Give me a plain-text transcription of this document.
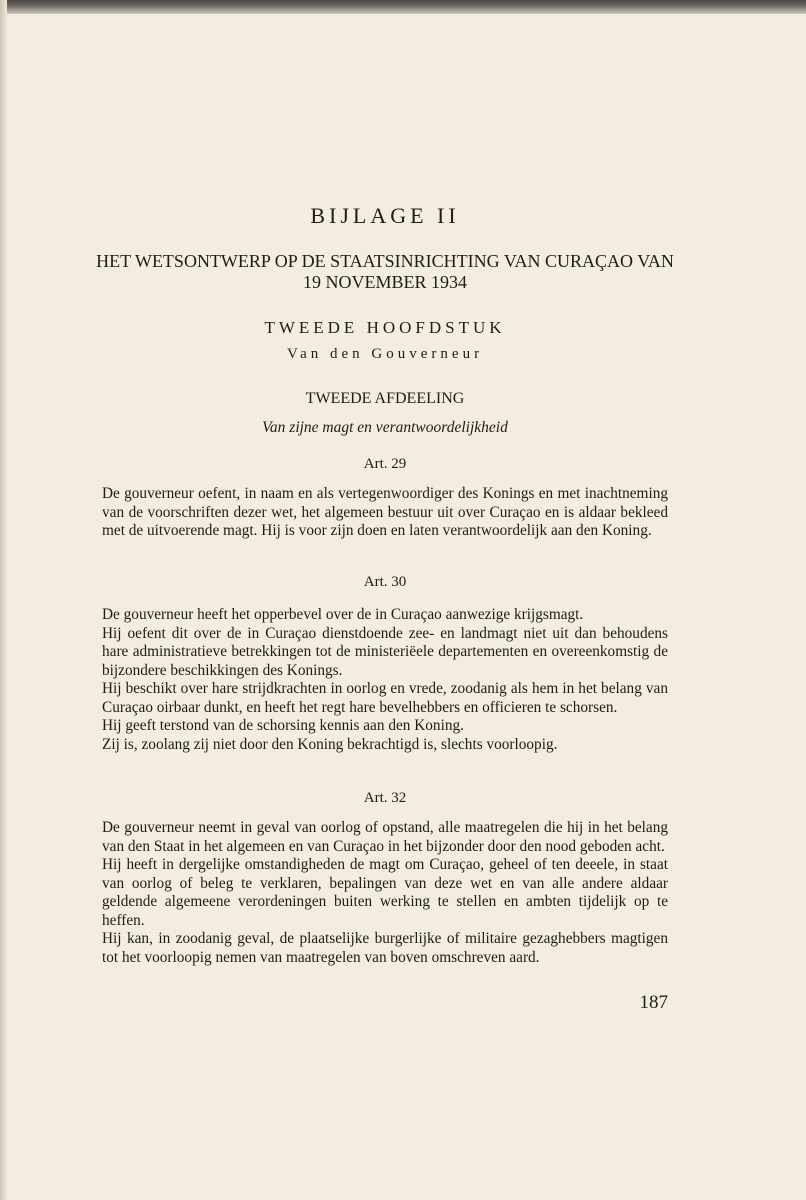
BIJLAGE II
HET WETSONTWERP OP DE STAATSINRICHTING VAN CURAÇAO VAN 19 NOVEMBER 1934
TWEEDE HOOFDSTUK
Van den Gouverneur
TWEEDE AFDEELING
Van zijne magt en verantwoordelijkheid
Art. 29

De gouverneur oefent, in naam en als vertegenwoordiger des Konings en met inachtneming van de voorschriften dezer wet, het algemeen bestuur uit over Curaçao en is aldaar bekleed met de uitvoerende magt. Hij is voor zijn doen en laten verantwoordelijk aan den Koning.

Art. 30

De gouverneur heeft het opperbevel over de in Curaçao aanwezige krijgsmagt.

Hij oefent dit over de in Curaçao dienstdoende zee- en landmagt niet uit dan behoudens hare administratieve betrekkingen tot de ministeriëele departementen en overeenkomstig de bijzondere beschikkingen des Konings.

Hij beschikt over hare strijdkrachten in oorlog en vrede, zoodanig als hem in het belang van Curaçao oirbaar dunkt, en heeft het regt hare bevelhebbers en officieren te schorsen.

Hij geeft terstond van de schorsing kennis aan den Koning.

Zij is, zoolang zij niet door den Koning bekrachtigd is, slechts voorloopig.

Art. 32

De gouverneur neemt in geval van oorlog of opstand, alle maatregelen die hij in het belang van den Staat in het algemeen en van Curaçao in het bijzonder door den nood geboden acht.

Hij heeft in dergelijke omstandigheden de magt om Curaçao, geheel of ten deeele, in staat van oorlog of beleg te verklaren, bepalingen van deze wet en van alle andere aldaar geldende algemeene verordeningen buiten werking te stellen en ambten tijdelijk op te heffen.

Hij kan, in zoodanig geval, de plaatselijke burgerlijke of militaire gezaghebbers magtigen tot het voorloopig nemen van maatregelen van boven omschreven aard.

187
